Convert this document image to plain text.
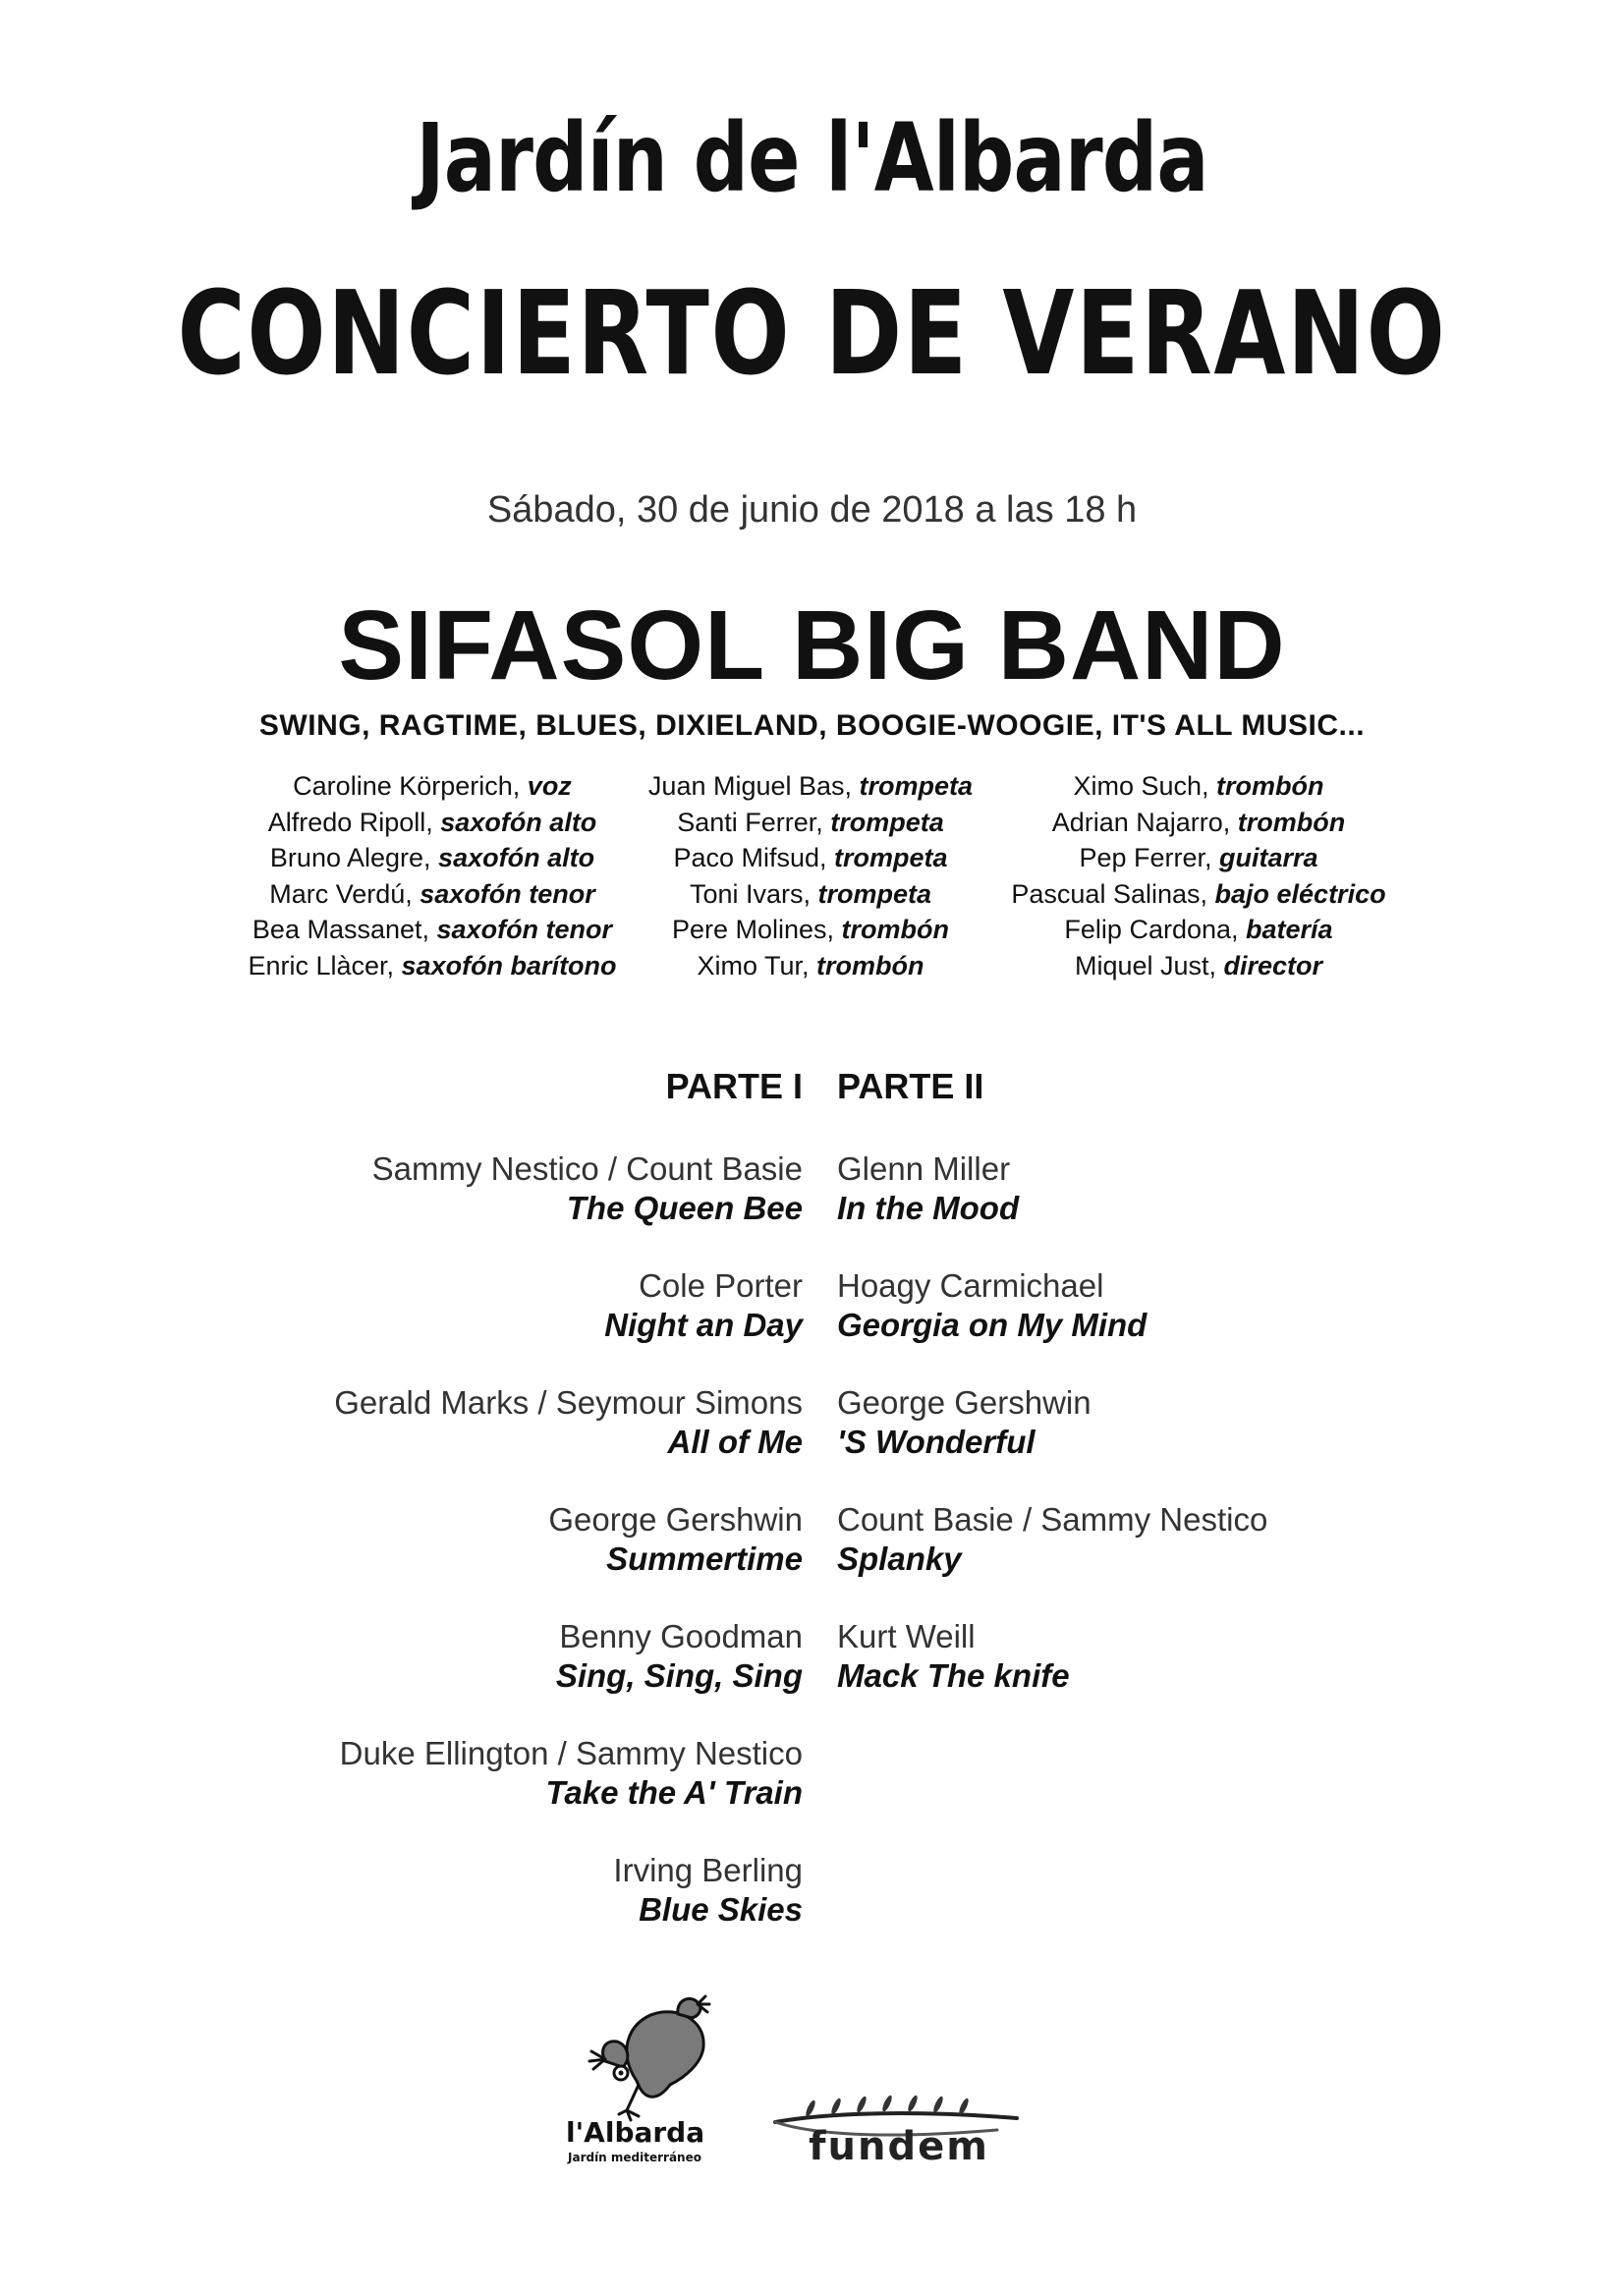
Jardín de l'Albarda
CONCIERTO DE VERANO
Sábado, 30 de junio de 2018 a las 18 h
SIFASOL BIG BAND
SWING, RAGTIME, BLUES, DIXIELAND, BOOGIE-WOOGIE, IT'S ALL MUSIC...
Caroline Körperich, voz
Alfredo Ripoll, saxofón alto
Bruno Alegre, saxofón alto
Marc Verdú, saxofón tenor
Bea Massanet, saxofón tenor
Enric Llàcer, saxofón barítono
Juan Miguel Bas, trompeta
Santi Ferrer, trompeta
Paco Mifsud, trompeta
Toni Ivars, trompeta
Pere Molines, trombón
Ximo Tur, trombón
Ximo Such, trombón
Adrian Najarro, trombón
Pep Ferrer, guitarra
Pascual Salinas, bajo eléctrico
Felip Cardona, batería
Miquel Just, director
PARTE I PARTE II
Sammy Nestico / Count Basie
The Queen Bee
Cole Porter
Night an Day
Gerald Marks / Seymour Simons
All of Me
George Gershwin
Summertime
Benny Goodman
Sing, Sing, Sing
Duke Ellington / Sammy Nestico
Take the A' Train
Irving Berling
Blue Skies
Glenn Miller
In the Mood
Hoagy Carmichael
Georgia on My Mind
George Gershwin
'S Wonderful
Count Basie / Sammy Nestico
Splanky
Kurt Weill
Mack The knife
l'Albarda
Jardín mediterráneo	fundem
